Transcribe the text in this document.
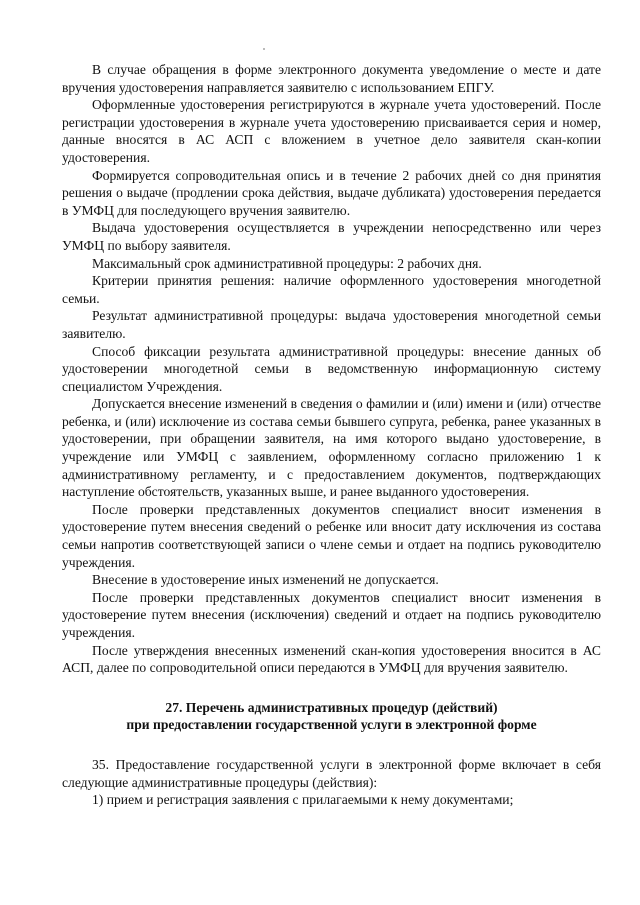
В случае обращения в форме электронного документа уведомление о месте и дате вручения удостоверения направляется заявителю с использованием ЕПГУ.

Оформленные удостоверения регистрируются в журнале учета удостоверений. После регистрации удостоверения в журнале учета удостоверению присваивается серия и номер, данные вносятся в АС АСП с вложением в учетное дело заявителя скан-копии удостоверения.

Формируется сопроводительная опись и в течение 2 рабочих дней со дня принятия решения о выдаче (продлении срока действия, выдаче дубликата) удостоверения передается в УМФЦ для последующего вручения заявителю.

Выдача удостоверения осуществляется в учреждении непосредственно или через УМФЦ по выбору заявителя.

Максимальный срок административной процедуры: 2 рабочих дня.

Критерии принятия решения: наличие оформленного удостоверения многодетной семьи.

Результат административной процедуры: выдача удостоверения многодетной семьи заявителю.

Способ фиксации результата административной процедуры: внесение данных об удостоверении многодетной семьи в ведомственную информационную систему специалистом Учреждения.

Допускается внесение изменений в сведения о фамилии и (или) имени и (или) отчестве ребенка, и (или) исключение из состава семьи бывшего супруга, ребенка, ранее указанных в удостоверении, при обращении заявителя, на имя которого выдано удостоверение, в учреждение или УМФЦ с заявлением, оформленному согласно приложению 1 к административному регламенту, и с предоставлением документов, подтверждающих наступление обстоятельств, указанных выше, и ранее выданного удостоверения.

После проверки представленных документов специалист вносит изменения в удостоверение путем внесения сведений о ребенке или вносит дату исключения из состава семьи напротив соответствующей записи о члене семьи и отдает на подпись руководителю учреждения.

Внесение в удостоверение иных изменений не допускается.

После проверки представленных документов специалист вносит изменения в удостоверение путем внесения (исключения) сведений и отдает на подпись руководителю учреждения.

После утверждения внесенных изменений скан-копия удостоверения вносится в АС АСП, далее по сопроводительной описи передаются в УМФЦ для вручения заявителю.

27. Перечень административных процедур (действий)

при предоставлении государственной услуги в электронной форме

35. Предоставление государственной услуги в электронной форме включает в себя следующие административные процедуры (действия):

1) прием и регистрация заявления с прилагаемыми к нему документами;
